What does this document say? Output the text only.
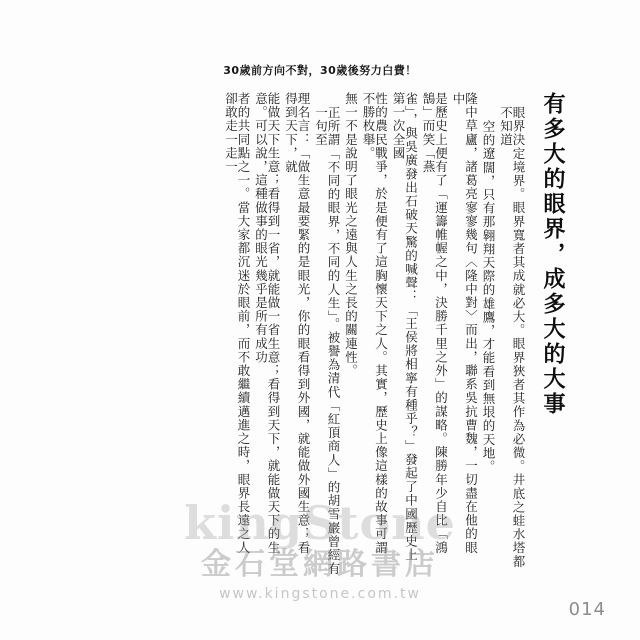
30歲前方向不對，30歲後努力白費！
有多大的眼界，成多大的大事
眼界決定境界。眼界寬者其成就必大。眼界狹者其作為必微。井底之蛙水塔都不知道
空的遼闊，只有那翱翔天際的雄鷹，才能看到無垠的天地。
隆中草廬，諸葛亮寥寥幾句〈隆中對〉而出，聯系吳抗曹魏，一切盡在他的眼中
是歷史上便有了「運籌帷幄之中，決勝千里之外」的謀略。陳勝年少自比「鴻鵠」而笑「燕
雀」，與吳廣發出石破天驚的喊聲：「王侯將相寧有種乎？」發起了中國歷史上第一次全國
性的農民戰爭，於是便有了這胸懷天下之人。其實，歷史上像這樣的故事可謂不勝枚舉。
無一不是說明了眼光之遠與人生之長的關連性。
正所謂「不同的眼界，不同的人生」。被譽為清代「紅頂商人」的胡雪巖曾經有一句至
理名言：「做生意最要緊的是眼光，你的眼看得到外國，就能做外國生意；看得到天下，就
能做天下生意；看得到一省，就能做一省生意；看得到天下，就能做天下的生意。可以說，這種做事的眼光幾乎是所有成功
者的共同點之一。當大家都沉迷於眼前，而不敢繼續邁進之時，眼界長遠之人卻敢走一走一
kingStone
金石堂網路書店
www.kingstone.com.tw
014
